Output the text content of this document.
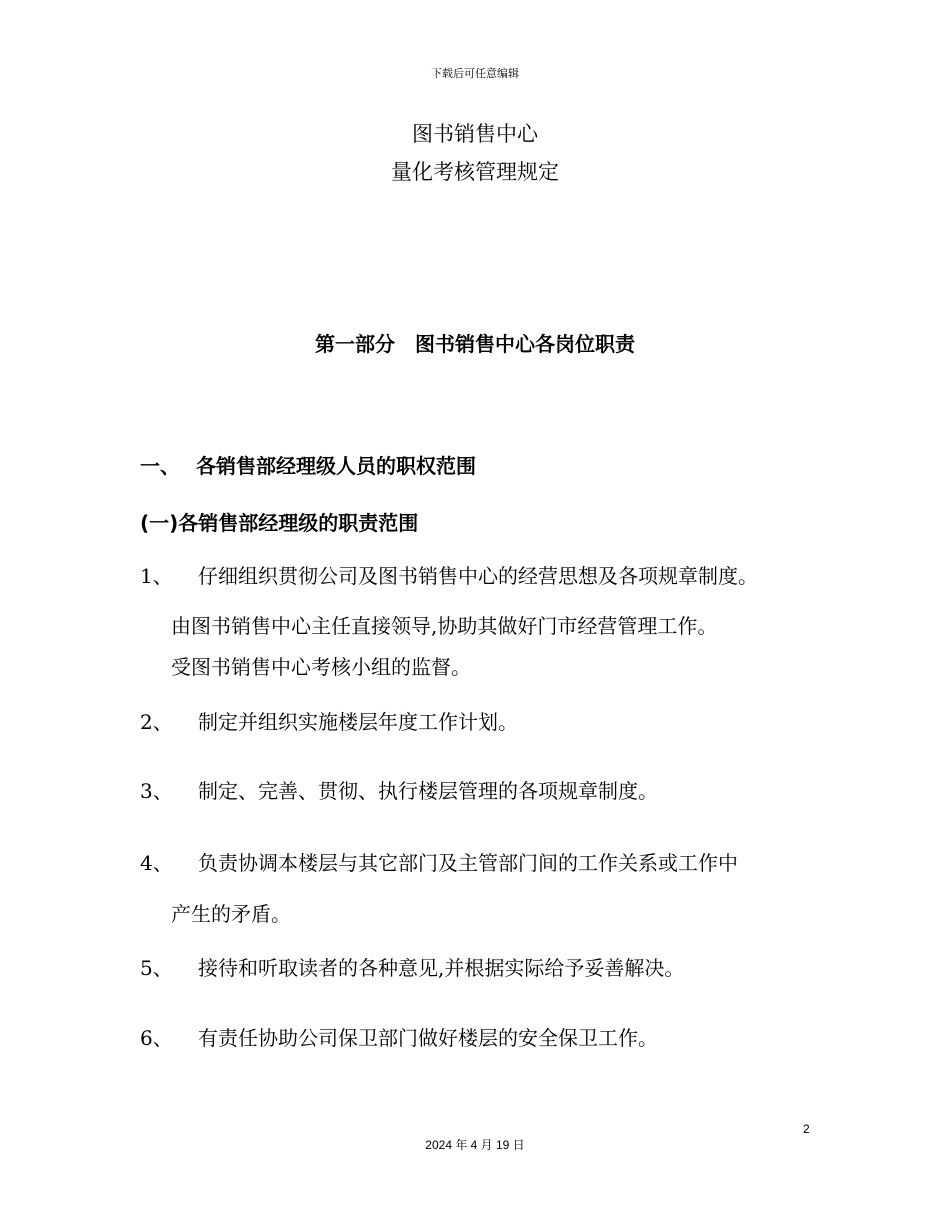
下载后可任意编辑
图书销售中心
量化考核管理规定
第一部分　图书销售中心各岗位职责
一、 各销售部经理级人员的职权范围
(一)各销售部经理级的职责范围
1、 仔细组织贯彻公司及图书销售中心的经营思想及各项规章制度。
由图书销售中心主任直接领导,协助其做好门市经营管理工作。
受图书销售中心考核小组的监督。
2、 制定并组织实施楼层年度工作计划。
3、 制定、完善、贯彻、执行楼层管理的各项规章制度。
4、 负责协调本楼层与其它部门及主管部门间的工作关系或工作中
产生的矛盾。
5、 接待和听取读者的各种意见,并根据实际给予妥善解决。
6、 有责任协助公司保卫部门做好楼层的安全保卫工作。
2
2024 年 4 月 19 日
